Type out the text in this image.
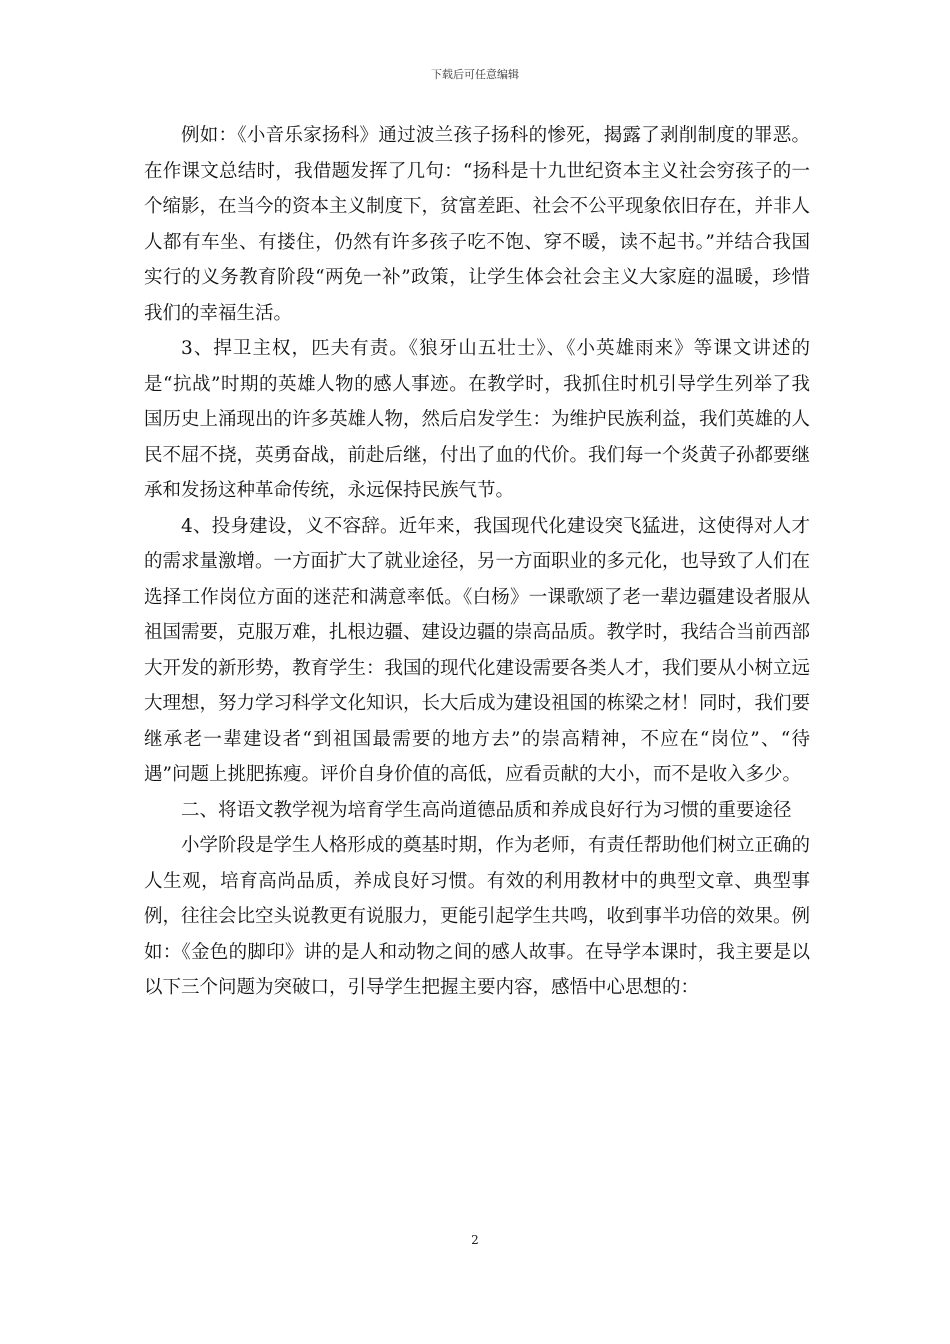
下载后可任意编辑

例如：《小音乐家扬科》通过波兰孩子扬科的惨死，揭露了剥削制度的罪恶。在作课文总结时，我借题发挥了几句：“扬科是十九世纪资本主义社会穷孩子的一个缩影，在当今的资本主义制度下，贫富差距、社会不公平现象依旧存在，并非人人都有车坐、有搂住，仍然有许多孩子吃不饱、穿不暖，读不起书。”并结合我国实行的义务教育阶段“两免一补”政策，让学生体会社会主义大家庭的温暖，珍惜我们的幸福生活。

3、捍卫主权，匹夫有责。《狼牙山五壮士》、《小英雄雨来》等课文讲述的是“抗战”时期的英雄人物的感人事迹。在教学时，我抓住时机引导学生列举了我国历史上涌现出的许多英雄人物，然后启发学生：为维护民族利益，我们英雄的人民不屈不挠，英勇奋战，前赴后继，付出了血的代价。我们每一个炎黄子孙都要继承和发扬这种革命传统，永远保持民族气节。

4、投身建设，义不容辞。近年来，我国现代化建设突飞猛进，这使得对人才的需求量激增。一方面扩大了就业途径，另一方面职业的多元化，也导致了人们在选择工作岗位方面的迷茫和满意率低。《白杨》一课歌颂了老一辈边疆建设者服从祖国需要，克服万难，扎根边疆、建设边疆的崇高品质。教学时，我结合当前西部大开发的新形势，教育学生：我国的现代化建设需要各类人才，我们要从小树立远大理想，努力学习科学文化知识，长大后成为建设祖国的栋梁之材！同时，我们要继承老一辈建设者“到祖国最需要的地方去”的崇高精神，不应在“岗位”、“待遇”问题上挑肥拣瘦。评价自身价值的高低，应看贡献的大小，而不是收入多少。

二、将语文教学视为培育学生高尚道德品质和养成良好行为习惯的重要途径

小学阶段是学生人格形成的奠基时期，作为老师，有责任帮助他们树立正确的人生观，培育高尚品质，养成良好习惯。有效的利用教材中的典型文章、典型事例，往往会比空头说教更有说服力，更能引起学生共鸣，收到事半功倍的效果。例如：《金色的脚印》讲的是人和动物之间的感人故事。在导学本课时，我主要是以以下三个问题为突破口，引导学生把握主要内容，感悟中心思想的：

2
